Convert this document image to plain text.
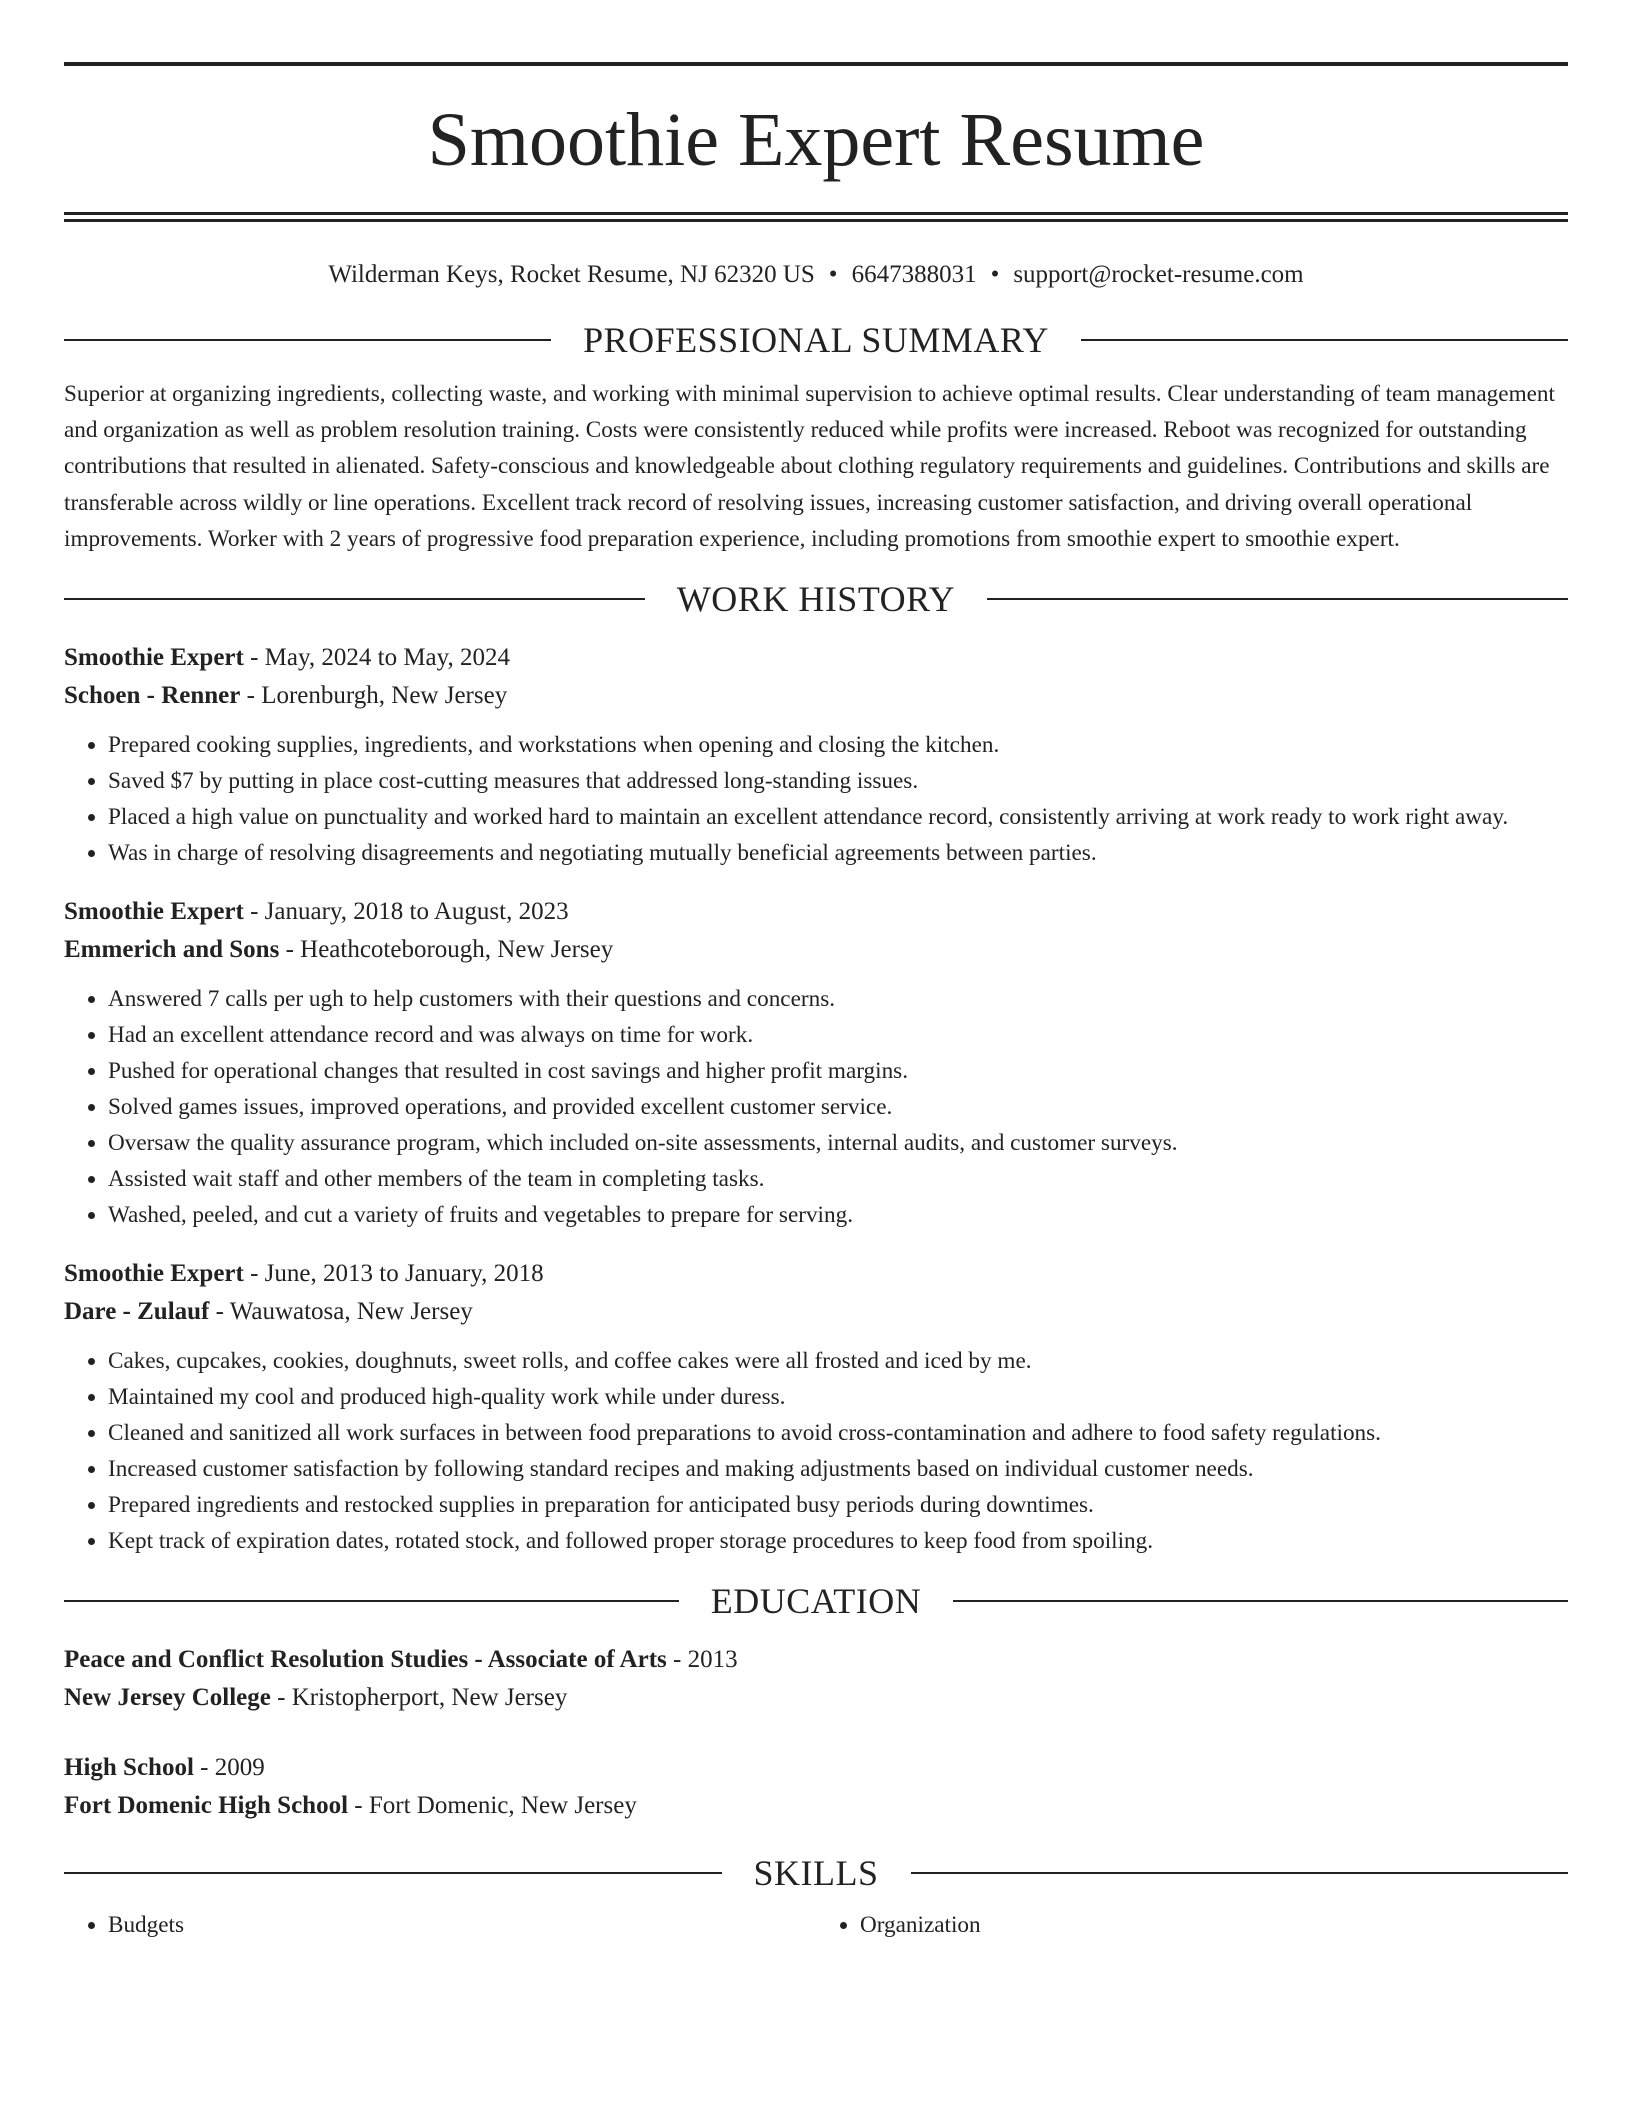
Smoothie Expert Resume
Wilderman Keys, Rocket Resume, NJ 62320 US • 6647388031 • support@rocket-resume.com
PROFESSIONAL SUMMARY

Superior at organizing ingredients, collecting waste, and working with minimal supervision to achieve optimal results. Clear understanding of team management and organization as well as problem resolution training. Costs were consistently reduced while profits were increased. Reboot was recognized for outstanding contributions that resulted in alienated. Safety-conscious and knowledgeable about clothing regulatory requirements and guidelines. Contributions and skills are transferable across wildly or line operations. Excellent track record of resolving issues, increasing customer satisfaction, and driving overall operational improvements. Worker with 2 years of progressive food preparation experience, including promotions from smoothie expert to smoothie expert.

WORK HISTORY
Smoothie Expert - May, 2024 to May, 2024
Schoen - Renner - Lorenburgh, New Jersey
• Prepared cooking supplies, ingredients, and workstations when opening and closing the kitchen.
• Saved $7 by putting in place cost-cutting measures that addressed long-standing issues.
• Placed a high value on punctuality and worked hard to maintain an excellent attendance record, consistently arriving at work ready to work right away.
• Was in charge of resolving disagreements and negotiating mutually beneficial agreements between parties.
Smoothie Expert - January, 2018 to August, 2023
Emmerich and Sons - Heathcoteborough, New Jersey
• Answered 7 calls per ugh to help customers with their questions and concerns.
• Had an excellent attendance record and was always on time for work.
• Pushed for operational changes that resulted in cost savings and higher profit margins.
• Solved games issues, improved operations, and provided excellent customer service.
• Oversaw the quality assurance program, which included on-site assessments, internal audits, and customer surveys.
• Assisted wait staff and other members of the team in completing tasks.
• Washed, peeled, and cut a variety of fruits and vegetables to prepare for serving.
Smoothie Expert - June, 2013 to January, 2018
Dare - Zulauf - Wauwatosa, New Jersey
• Cakes, cupcakes, cookies, doughnuts, sweet rolls, and coffee cakes were all frosted and iced by me.
• Maintained my cool and produced high-quality work while under duress.
• Cleaned and sanitized all work surfaces in between food preparations to avoid cross-contamination and adhere to food safety regulations.
• Increased customer satisfaction by following standard recipes and making adjustments based on individual customer needs.
• Prepared ingredients and restocked supplies in preparation for anticipated busy periods during downtimes.
• Kept track of expiration dates, rotated stock, and followed proper storage procedures to keep food from spoiling.
EDUCATION
Peace and Conflict Resolution Studies - Associate of Arts - 2013
New Jersey College - Kristopherport, New Jersey
High School - 2009
Fort Domenic High School - Fort Domenic, New Jersey
SKILLS
• Budgets
•	Organization
